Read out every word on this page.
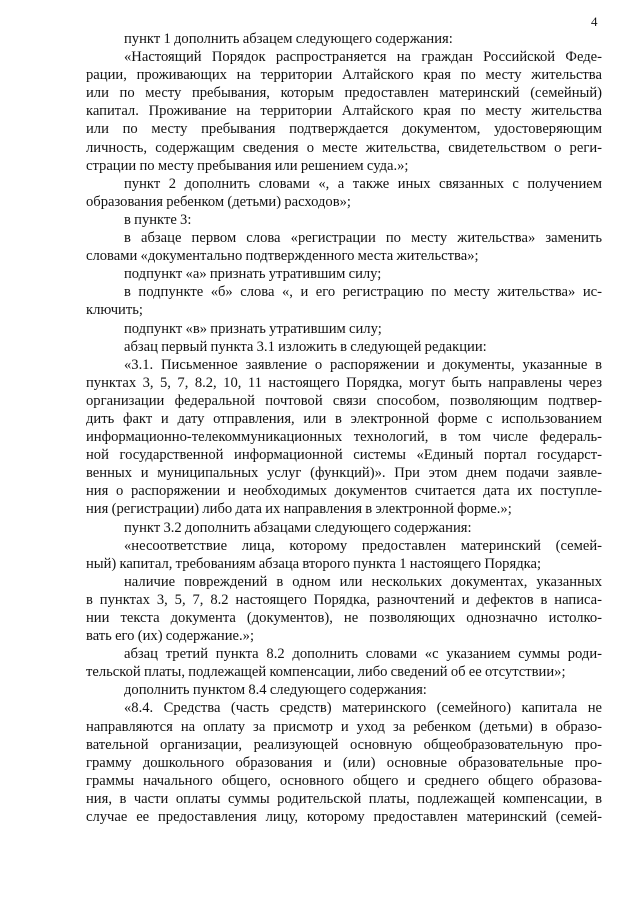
4
пункт 1 дополнить абзацем следующего содержания:
«Настоящий Порядок распространяется на граждан Российской Феде-
рации, проживающих на территории Алтайского края по месту жительства
или по месту пребывания, которым предоставлен материнский (семейный)
капитал. Проживание на территории Алтайского края по месту жительства
или по месту пребывания подтверждается документом, удостоверяющим
личность, содержащим сведения о месте жительства, свидетельством о реги-
страции по месту пребывания или решением суда.»;
пункт 2 дополнить словами «, а также иных связанных с получением
образования ребенком (детьми) расходов»;
в пункте 3:
в абзаце первом слова «регистрации по месту жительства» заменить
словами «документально подтвержденного места жительства»;
подпункт «а» признать утратившим силу;
в подпункте «б» слова «, и его регистрацию по месту жительства» ис-
ключить;
подпункт «в» признать утратившим силу;
абзац первый пункта 3.1 изложить в следующей редакции:
«3.1. Письменное заявление о распоряжении и документы, указанные в
пунктах 3, 5, 7, 8.2, 10, 11 настоящего Порядка, могут быть направлены через
организации федеральной почтовой связи способом, позволяющим подтвер-
дить факт и дату отправления, или в электронной форме с использованием
информационно-телекоммуникационных технологий, в том числе федераль-
ной государственной информационной системы «Единый портал государст-
венных и муниципальных услуг (функций)». При этом днем подачи заявле-
ния о распоряжении и необходимых документов считается дата их поступле-
ния (регистрации) либо дата их направления в электронной форме.»;
пункт 3.2 дополнить абзацами следующего содержания:
«несоответствие лица, которому предоставлен материнский (семей-
ный) капитал, требованиям абзаца второго пункта 1 настоящего Порядка;
наличие повреждений в одном или нескольких документах, указанных
в пунктах 3, 5, 7, 8.2 настоящего Порядка, разночтений и дефектов в написа-
нии текста документа (документов), не позволяющих однозначно истолко-
вать его (их) содержание.»;
абзац третий пункта 8.2 дополнить словами «с указанием суммы роди-
тельской платы, подлежащей компенсации, либо сведений об ее отсутствии»;
дополнить пунктом 8.4 следующего содержания:
«8.4. Средства (часть средств) материнского (семейного) капитала не
направляются на оплату за присмотр и уход за ребенком (детьми) в образо-
вательной организации, реализующей основную общеобразовательную про-
грамму дошкольного образования и (или) основные образовательные про-
граммы начального общего, основного общего и среднего общего образова-
ния, в части оплаты суммы родительской платы, подлежащей компенсации, в
случае ее предоставления лицу, которому предоставлен материнский (семей-
